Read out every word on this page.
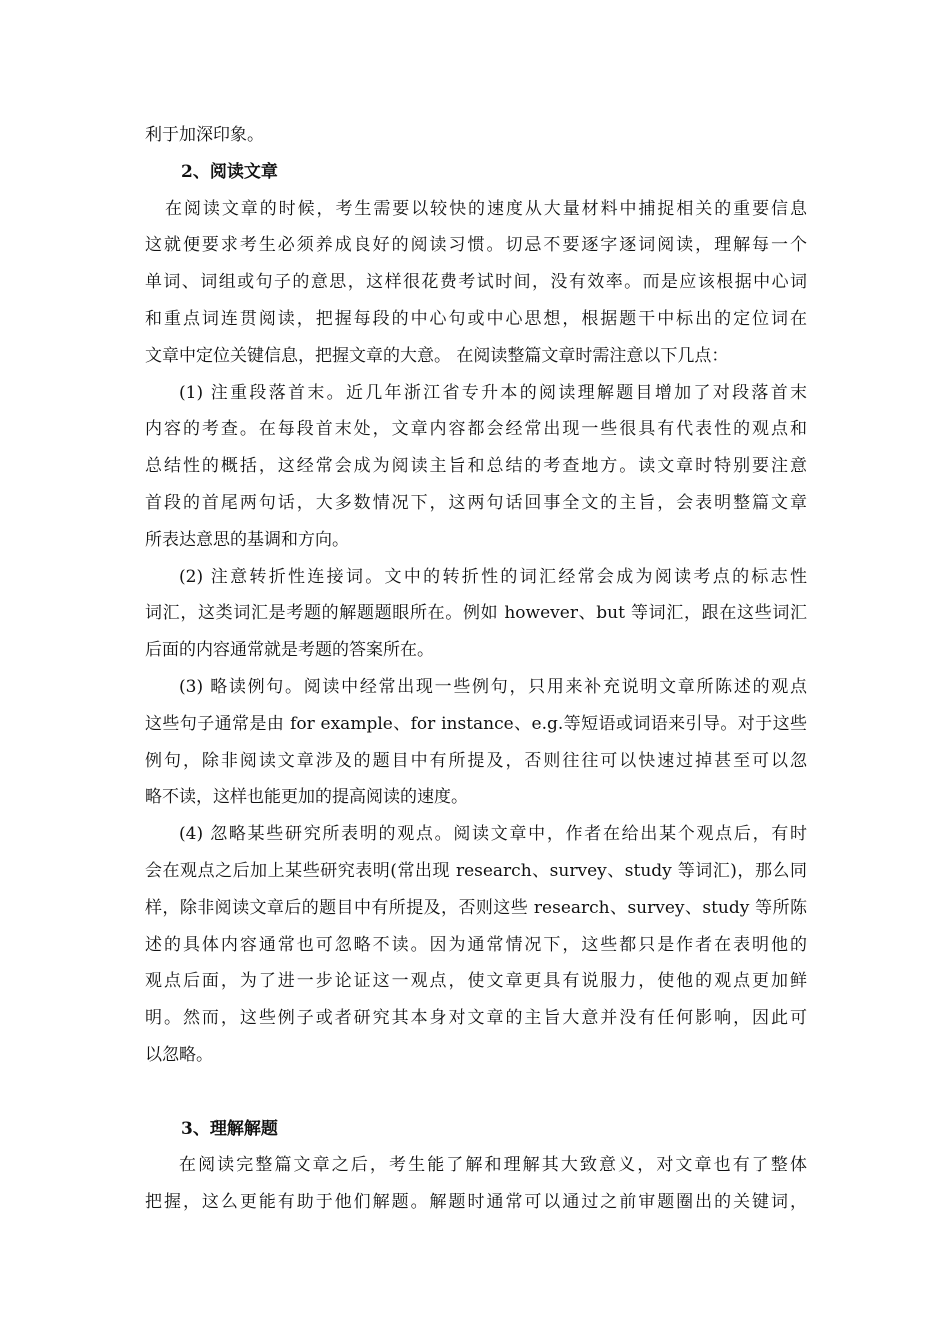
利于加深印象。
2、阅读文章
在阅读文章的时候，考生需要以较快的速度从大量材料中捕捉相关的重要信息
这就便要求考生必须养成良好的阅读习惯。切忌不要逐字逐词阅读，理解每一个
单词、词组或句子的意思，这样很花费考试时间，没有效率。而是应该根据中心词
和重点词连贯阅读，把握每段的中心句或中心思想，根据题干中标出的定位词在
文章中定位关键信息，把握文章的大意。 在阅读整篇文章时需注意以下几点：
(1) 注重段落首末。近几年浙江省专升本的阅读理解题目增加了对段落首末
内容的考查。在每段首末处，文章内容都会经常出现一些很具有代表性的观点和
总结性的概括，这经常会成为阅读主旨和总结的考查地方。读文章时特别要注意
首段的首尾两句话，大多数情况下，这两句话回事全文的主旨，会表明整篇文章
所表达意思的基调和方向。
(2) 注意转折性连接词。文中的转折性的词汇经常会成为阅读考点的标志性
词汇，这类词汇是考题的解题题眼所在。例如 however、but 等词汇，跟在这些词汇
后面的内容通常就是考题的答案所在。
(3) 略读例句。阅读中经常出现一些例句，只用来补充说明文章所陈述的观点
这些句子通常是由 for example、for instance、e.g.等短语或词语来引导。对于这些
例句，除非阅读文章涉及的题目中有所提及，否则往往可以快速过掉甚至可以忽
略不读，这样也能更加的提高阅读的速度。
(4) 忽略某些研究所表明的观点。阅读文章中，作者在给出某个观点后，有时
会在观点之后加上某些研究表明(常出现 research、survey、study 等词汇)，那么同
样，除非阅读文章后的题目中有所提及，否则这些 research、survey、study 等所陈
述的具体内容通常也可忽略不读。因为通常情况下，这些都只是作者在表明他的
观点后面，为了进一步论证这一观点，使文章更具有说服力，使他的观点更加鲜
明。然而，这些例子或者研究其本身对文章的主旨大意并没有任何影响，因此可
以忽略。
3、理解解题
在阅读完整篇文章之后，考生能了解和理解其大致意义，对文章也有了整体
把握，这么更能有助于他们解题。解题时通常可以通过之前审题圈出的关键词，
